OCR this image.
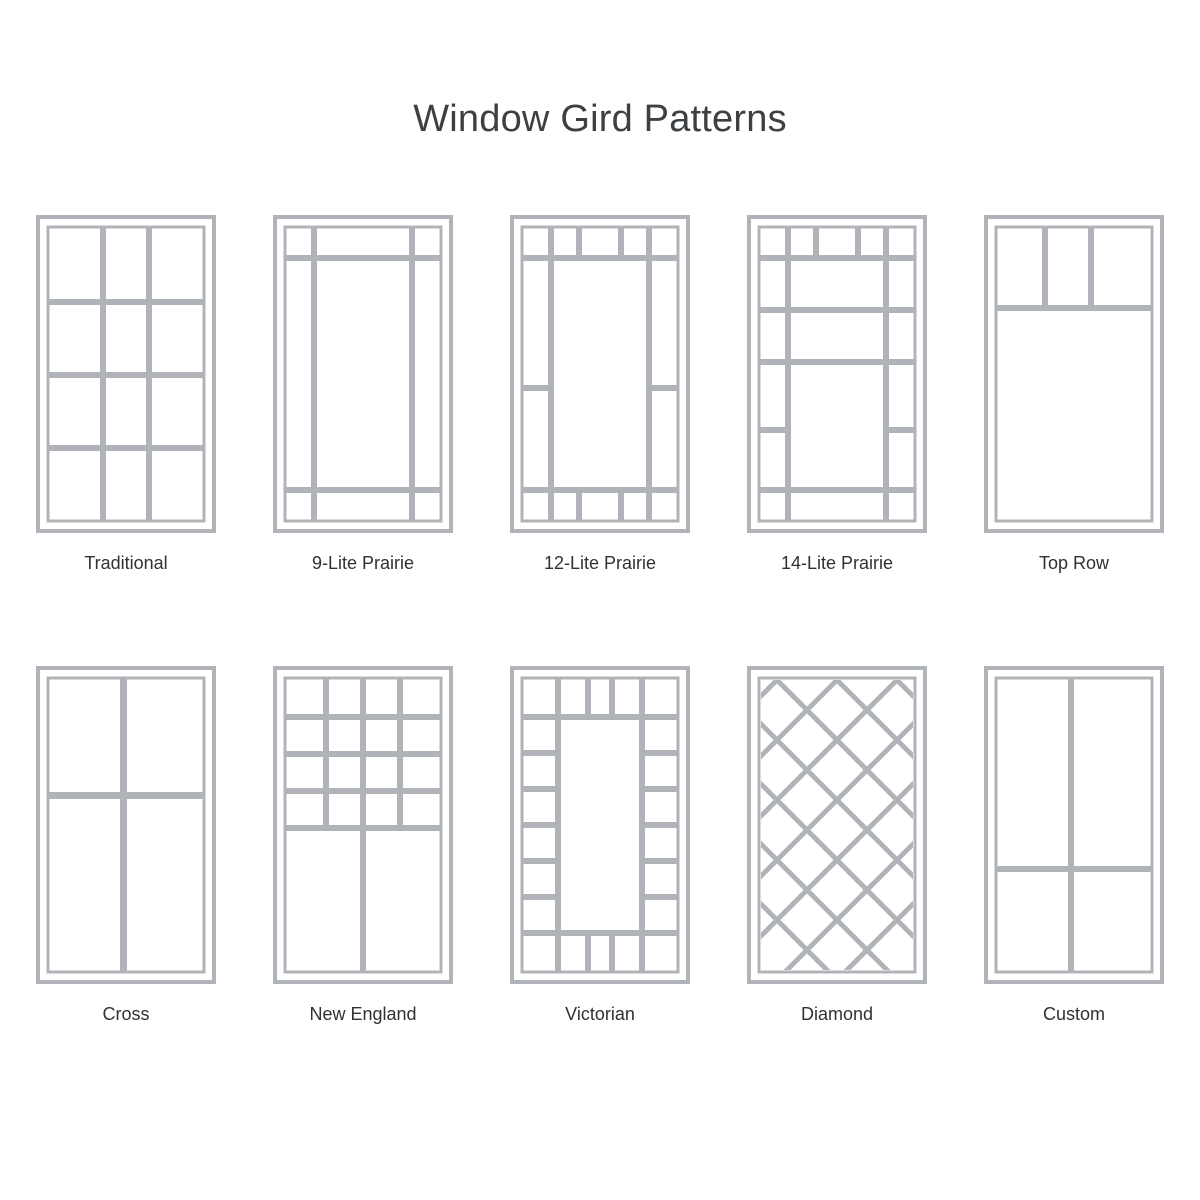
Window Gird Patterns
Traditional	9-Lite Prairie	12-Lite Prairie	14-Lite Prairie	Top Row
Cross	New England	Victorian	Diamond	Custom
